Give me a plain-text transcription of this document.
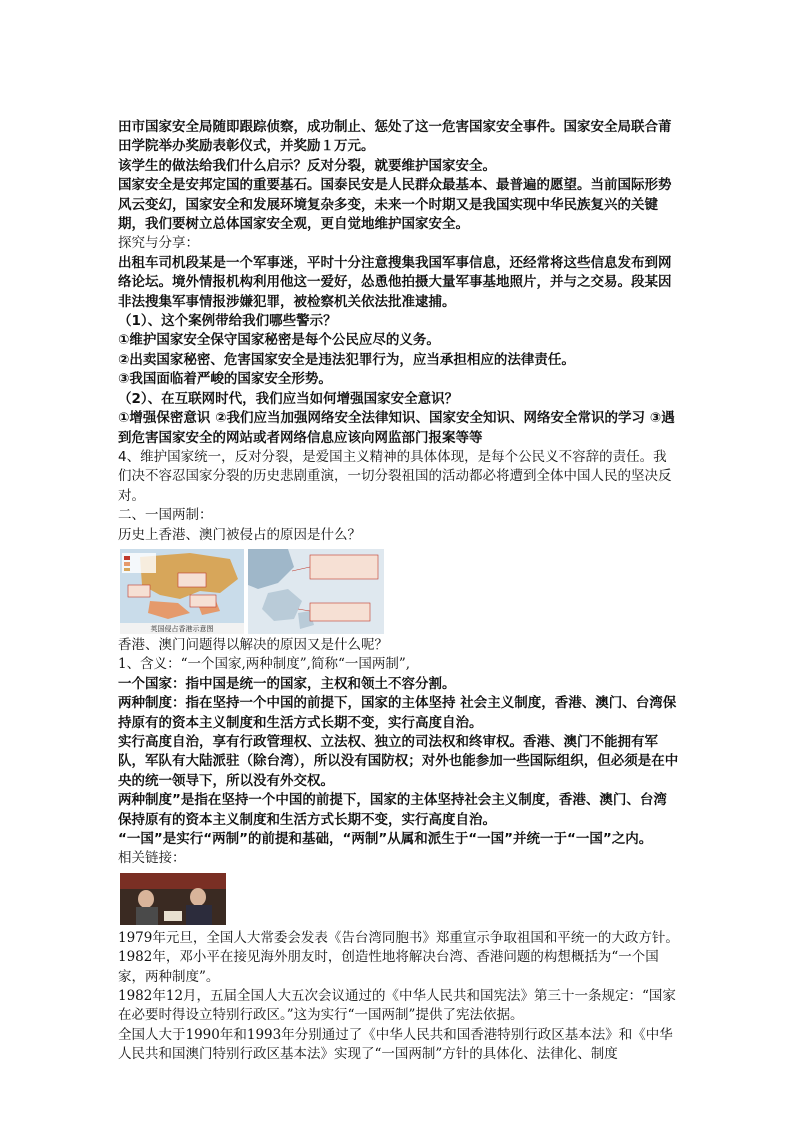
田市国家安全局随即跟踪侦察，成功制止、惩处了这一危害国家安全事件。国家安全局联合莆田学院举办奖励表彰仪式，并奖励１万元。

该学生的做法给我们什么启示？反对分裂，就要维护国家安全。

国家安全是安邦定国的重要基石。国泰民安是人民群众最基本、最普遍的愿望。当前国际形势风云变幻，国家安全和发展环境复杂多变，未来一个时期又是我国实现中华民族复兴的关键期，我们要树立总体国家安全观，更自觉地维护国家安全。

探究与分享：

出租车司机段某是一个军事迷，平时十分注意搜集我国军事信息，还经常将这些信息发布到网络论坛。境外情报机构利用他这一爱好，怂恿他拍摄大量军事基地照片，并与之交易。段某因非法搜集军事情报涉嫌犯罪，被检察机关依法批准逮捕。

（1）、这个案例带给我们哪些警示？

①维护国家安全保守国家秘密是每个公民应尽的义务。

②出卖国家秘密、危害国家安全是违法犯罪行为，应当承担相应的法律责任。

③我国面临着严峻的国家安全形势。

（2）、在互联网时代，我们应当如何增强国家安全意识？

①增强保密意识 ②我们应当加强网络安全法律知识、国家安全知识、网络安全常识的学习 ③遇到危害国家安全的网站或者网络信息应该向网监部门报案等等

4、维护国家统一，反对分裂，是爱国主义精神的具体体现，是每个公民义不容辞的责任。我们决不容忍国家分裂的历史悲剧重演，一切分裂祖国的活动都必将遭到全体中国人民的坚决反对。

二、一国两制：

历史上香港、澳门被侵占的原因是什么？

英国侵占香港示意图

香港、澳门问题得以解决的原因又是什么呢？

1、含义：“一个国家,两种制度”,简称“一国两制”,

一个国家：指中国是统一的国家，主权和领土不容分割。

两种制度：指在坚持一个中国的前提下，国家的主体坚持 社会主义制度，香港、澳门、台湾保持原有的资本主义制度和生活方式长期不变，实行高度自治。

实行高度自治，享有行政管理权、立法权、独立的司法权和终审权。香港、澳门不能拥有军队，军队有大陆派驻（除台湾），所以没有国防权；对外也能参加一些国际组织，但必须是在中央的统一领导下，所以没有外交权。

两种制度”是指在坚持一个中国的前提下，国家的主体坚持社会主义制度，香港、澳门、台湾保持原有的资本主义制度和生活方式长期不变，实行高度自治。

“一国”是实行“两制”的前提和基础，“两制”从属和派生于“一国”并统一于“一国”之内。

相关链接：

1979年元旦，全国人大常委会发表《告台湾同胞书》郑重宣示争取祖国和平统一的大政方针。

1982年，邓小平在接见海外朋友时，创造性地将解决台湾、香港问题的构想概括为“一个国家，两种制度”。

1982年12月，五届全国人大五次会议通过的《中华人民共和国宪法》第三十一条规定：“国家在必要时得设立特别行政区。”这为实行“一国两制”提供了宪法依据。

全国人大于1990年和1993年分别通过了《中华人民共和国香港特别行政区基本法》和《中华人民共和国澳门特别行政区基本法》实现了“一国两制”方针的具体化、法律化、制度
